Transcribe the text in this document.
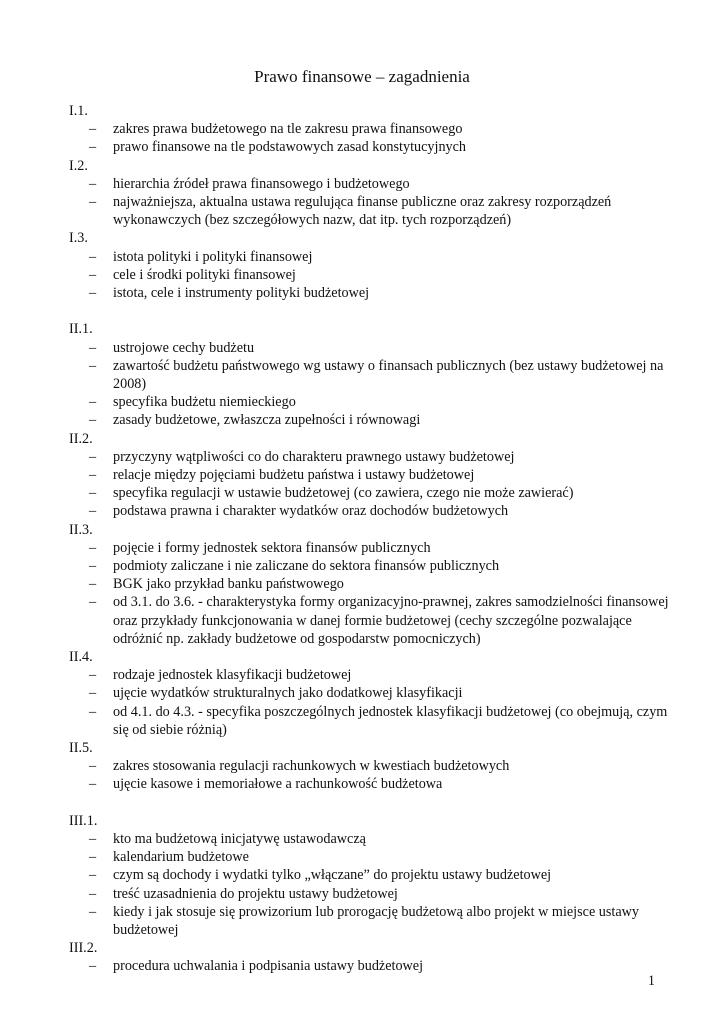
Prawo finansowe – zagadnienia
I.1.
– zakres prawa budżetowego na tle zakresu prawa finansowego
– prawo finansowe na tle podstawowych zasad konstytucyjnych
I.2.
– hierarchia źródeł prawa finansowego i budżetowego
– najważniejsza, aktualna ustawa regulująca finanse publiczne oraz zakresy rozporządzeń wykonawczych (bez szczegółowych nazw, dat itp. tych rozporządzeń)
I.3.
– istota polityki i polityki finansowej
– cele i środki polityki finansowej
– istota, cele i instrumenty polityki budżetowej
II.1.
– ustrojowe cechy budżetu
– zawartość budżetu państwowego wg ustawy o finansach publicznych (bez ustawy budżetowej na 2008)
– specyfika budżetu niemieckiego
– zasady budżetowe, zwłaszcza zupełności i równowagi
II.2.
– przyczyny wątpliwości co do charakteru prawnego ustawy budżetowej
– relacje między pojęciami budżetu państwa i ustawy budżetowej
– specyfika regulacji w ustawie budżetowej (co zawiera, czego nie może zawierać)
– podstawa prawna i charakter wydatków oraz dochodów budżetowych
II.3.
– pojęcie i formy jednostek sektora finansów publicznych
– podmioty zaliczane i nie zaliczane do sektora finansów publicznych
– BGK jako przykład banku państwowego
– od 3.1. do 3.6. - charakterystyka formy organizacyjno-prawnej, zakres samodzielności finansowej oraz przykłady funkcjonowania w danej formie budżetowej (cechy szczególne pozwalające odróżnić np. zakłady budżetowe od gospodarstw pomocniczych)
II.4.
– rodzaje jednostek klasyfikacji budżetowej
– ujęcie wydatków strukturalnych jako dodatkowej klasyfikacji
– od 4.1. do 4.3. - specyfika poszczególnych jednostek klasyfikacji budżetowej (co obejmują, czym się od siebie różnią)
II.5.
– zakres stosowania regulacji rachunkowych w kwestiach budżetowych
– ujęcie kasowe i memoriałowe a rachunkowość budżetowa
III.1.
– kto ma budżetową inicjatywę ustawodawczą
– kalendarium budżetowe
– czym są dochody i wydatki tylko „włączane” do projektu ustawy budżetowej
– treść uzasadnienia do projektu ustawy budżetowej
– kiedy i jak stosuje się prowizorium lub prorogację budżetową albo projekt w miejsce ustawy budżetowej
III.2.
– procedura uchwalania i podpisania ustawy budżetowej
1
